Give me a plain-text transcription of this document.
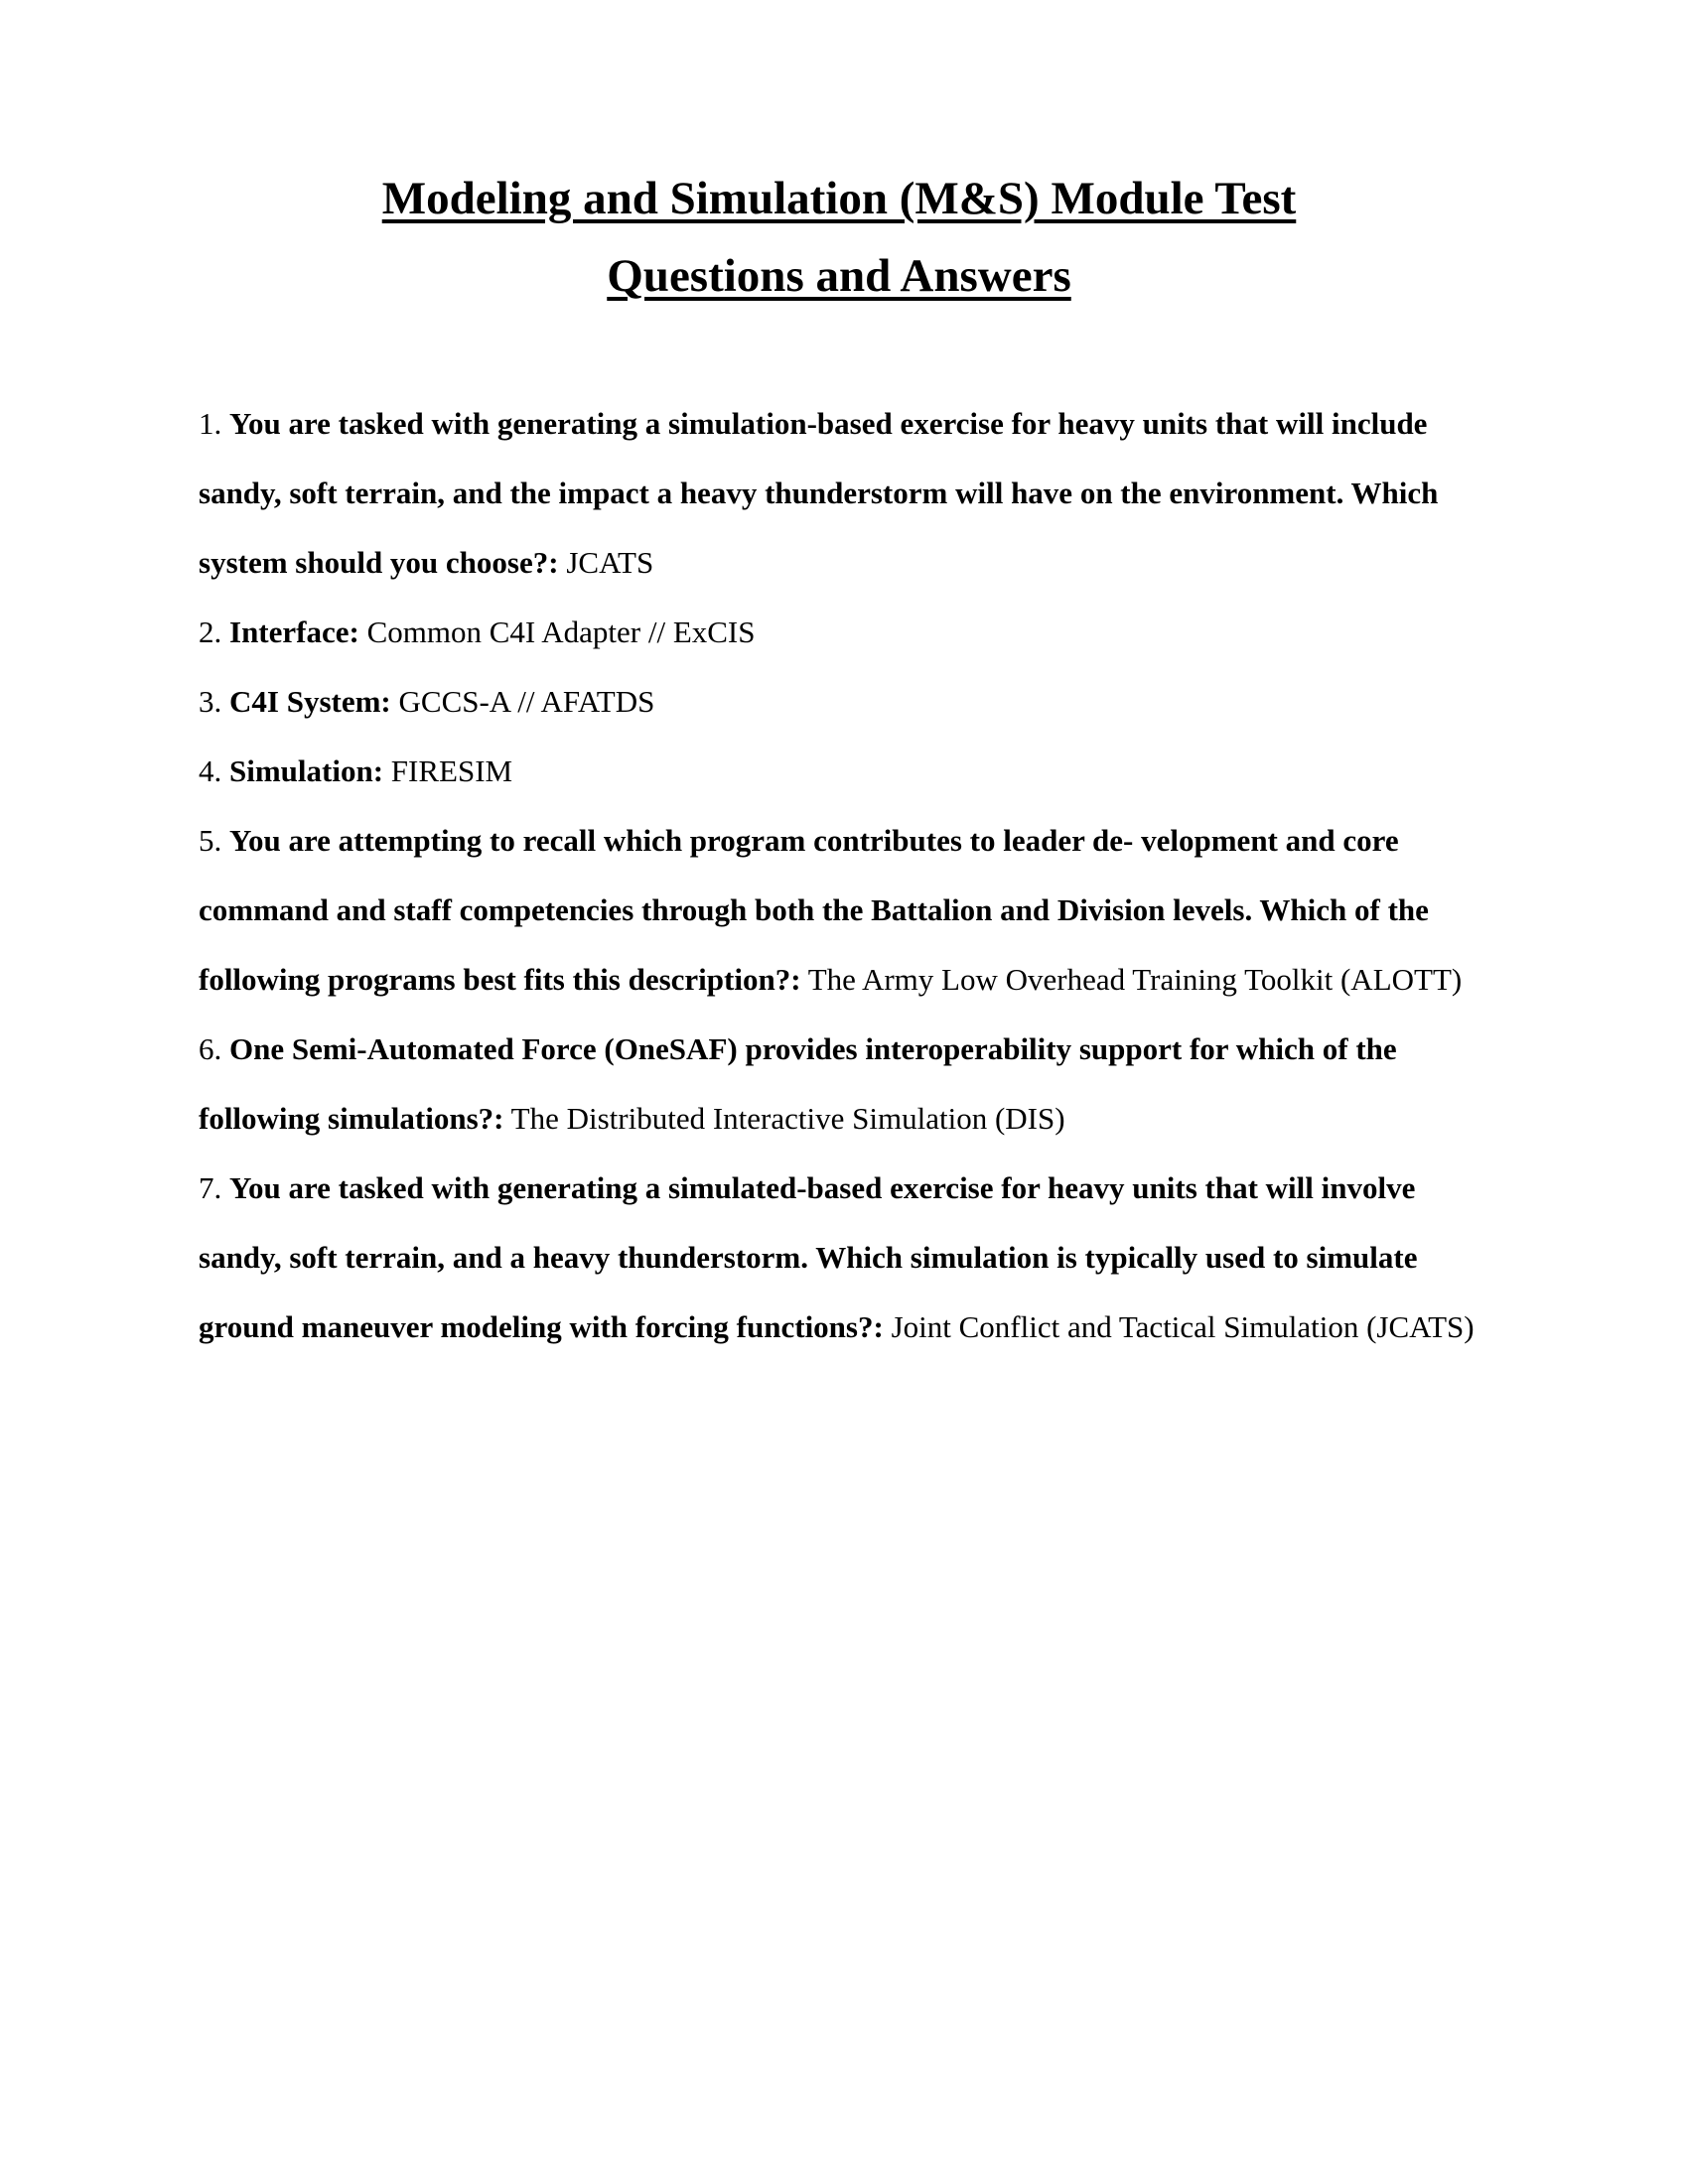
Modeling and Simulation (M&S) Module Test
Questions and Answers

1. You are tasked with generating a simulation-based exercise for heavy units that will include sandy, soft terrain, and the impact a heavy thunderstorm will have on the environment. Which system should you choose?: JCATS

2. Interface: Common C4I Adapter // ExCIS

3. C4I System: GCCS-A // AFATDS

4. Simulation: FIRESIM

5. You are attempting to recall which program contributes to leader de- velopment and core command and staff competencies through both the Battalion and Division levels. Which of the following programs best fits this description?: The Army Low Overhead Training Toolkit (ALOTT)

6. One Semi-Automated Force (OneSAF) provides interoperability support for which of the following simulations?: The Distributed Interactive Simulation (DIS)

7. You are tasked with generating a simulated-based exercise for heavy units that will involve sandy, soft terrain, and a heavy thunderstorm. Which simulation is typically used to simulate ground maneuver modeling with forcing functions?: Joint Conflict and Tactical Simulation (JCATS)
